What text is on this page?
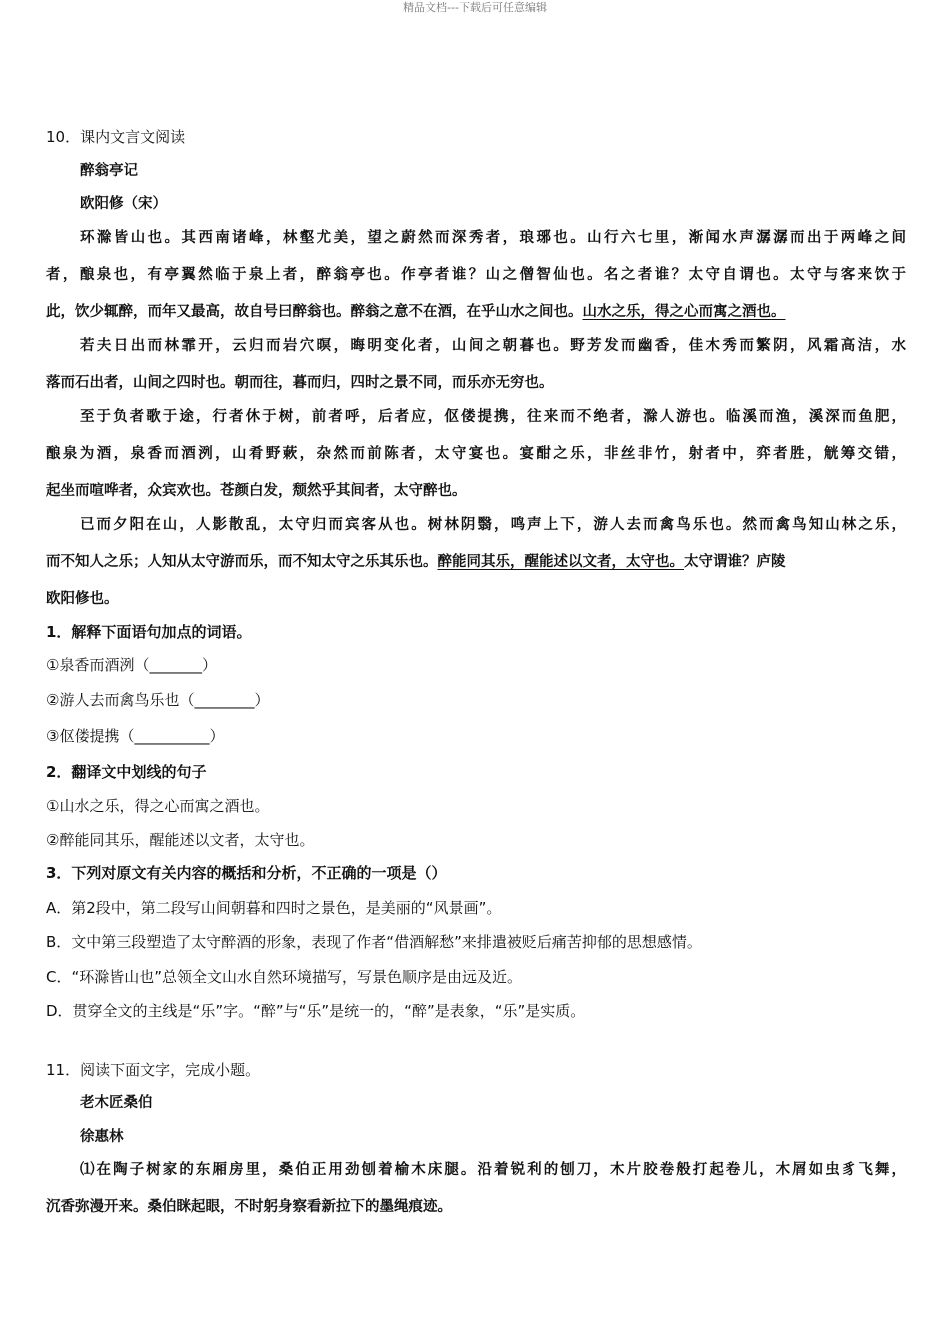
精品文档---下载后可任意编辑
10．课内文言文阅读
醉翁亭记
欧阳修（宋）
环滁皆山也。其西南诸峰，林壑尤美，望之蔚然而深秀者，琅琊也。山行六七里，渐闻水声潺潺而出于两峰之间
者，酿泉也，有亭翼然临于泉上者，醉翁亭也。作亭者谁？山之僧智仙也。名之者谁？太守自谓也。太守与客来饮于
此，饮少辄醉，而年又最高，故自号曰醉翁也。醉翁之意不在酒，在乎山水之间也。山水之乐，得之心而寓之酒也。
若夫日出而林霏开，云归而岩穴暝，晦明变化者，山间之朝暮也。野芳发而幽香，佳木秀而繁阴，风霜高洁，水
落而石出者，山间之四时也。朝而往，暮而归，四时之景不同，而乐亦无穷也。
至于负者歌于途，行者休于树，前者呼，后者应，伛偻提携，往来而不绝者，滁人游也。临溪而渔，溪深而鱼肥，
酿泉为酒，泉香而酒洌，山肴野蔌，杂然而前陈者，太守宴也。宴酣之乐，非丝非竹，射者中，弈者胜，觥筹交错，
起坐而喧哗者，众宾欢也。苍颜白发，颓然乎其间者，太守醉也。
已而夕阳在山，人影散乱，太守归而宾客从也。树林阴翳，鸣声上下，游人去而禽鸟乐也。然而禽鸟知山林之乐，
而不知人之乐；人知从太守游而乐，而不知太守之乐其乐也。醉能同其乐，醒能述以文者，太守也。太守谓谁？庐陵
欧阳修也。
1．解释下面语句加点的词语。
①泉香而酒洌（_______）
②游人去而禽鸟乐也（________）
③伛偻提携（__________）
2．翻译文中划线的句子
①山水之乐，得之心而寓之酒也。
②醉能同其乐，醒能述以文者，太守也。
3．下列对原文有关内容的概括和分析，不正确的一项是（）
A．第2段中，第二段写山间朝暮和四时之景色，是美丽的“风景画”。
B．文中第三段塑造了太守醉酒的形象，表现了作者“借酒解愁”来排遣被贬后痛苦抑郁的思想感情。
C．“环滁皆山也”总领全文山水自然环境描写，写景色顺序是由远及近。
D．贯穿全文的主线是“乐”字。“醉”与“乐”是统一的，“醉”是表象，“乐”是实质。
11．阅读下面文字，完成小题。
老木匠桑伯
徐惠林
⑴在陶子树家的东厢房里，桑伯正用劲刨着榆木床腿。沿着锐利的刨刀，木片胶卷般打起卷儿，木屑如虫豸飞舞，
沉香弥漫开来。桑伯眯起眼，不时躬身察看新拉下的墨绳痕迹。
